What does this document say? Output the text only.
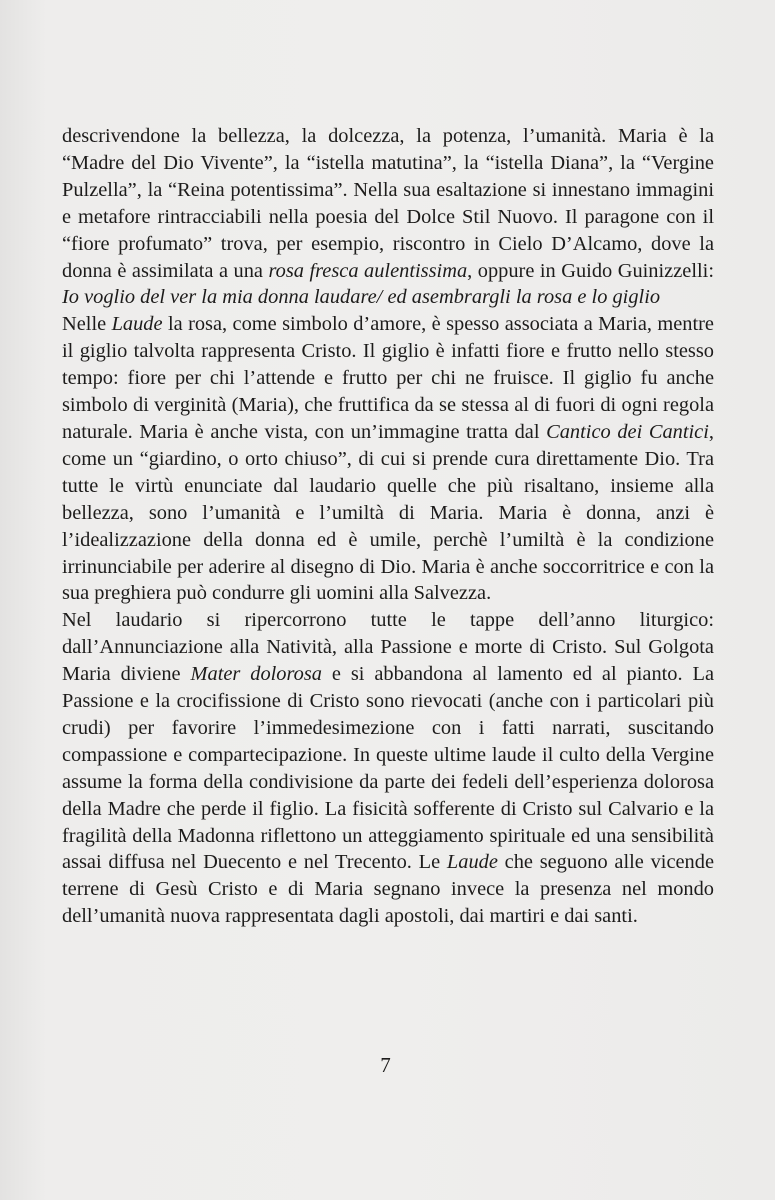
descrivendone la bellezza, la dolcezza, la potenza, l’umanità. Maria è la “Madre del Dio Vivente”, la “istella matutina”, la “istella Diana”, la “Vergine Pulzella”, la “Reina potentissima”. Nella sua esaltazione si innestano immagini e metafore rintracciabili nella poesia del Dolce Stil Nuovo. Il paragone con il “fiore profumato” trova, per esempio, riscontro in Cielo D’Alcamo, dove la donna è assimilata a una rosa fresca aulentissima, oppure in Guido Guinizzelli: Io voglio del ver la mia donna laudare/ ed asembrargli la rosa e lo giglio

Nelle Laude la rosa, come simbolo d’amore, è spesso associata a Maria, mentre il giglio talvolta rappresenta Cristo. Il giglio è infatti fiore e frutto nello stesso tempo: fiore per chi l’attende e frutto per chi ne fruisce. Il giglio fu anche simbolo di verginità (Maria), che fruttifica da se stessa al di fuori di ogni regola naturale. Maria è anche vista, con un’immagine tratta dal Cantico dei Cantici, come un “giardino, o orto chiuso”, di cui si prende cura direttamente Dio. Tra tutte le virtù enunciate dal laudario quelle che più risaltano, insieme alla bellezza, sono l’umanità e l’umiltà di Maria. Maria è donna, anzi è l’idealizzazione della donna ed è umile, perchè l’umiltà è la condizione irrinunciabile per aderire al disegno di Dio. Maria è anche soccorritrice e con la sua preghiera può condurre gli uomini alla Salvezza.

Nel laudario si ripercorrono tutte le tappe dell’anno liturgico: dall’Annunciazione alla Natività, alla Passione e morte di Cristo. Sul Golgota Maria diviene Mater dolorosa e si abbandona al lamento ed al pianto. La Passione e la crocifissione di Cristo sono rievocati (anche con i particolari più crudi) per favorire l’immedesimezione con i fatti narrati, suscitando compassione e compartecipazione. In queste ultime laude il culto della Vergine assume la forma della condivisione da parte dei fedeli dell’esperienza dolorosa della Madre che perde il figlio. La fisicità sofferente di Cristo sul Calvario e la fragilità della Madonna riflettono un atteggiamento spirituale ed una sensibilità assai diffusa nel Duecento e nel Trecento. Le Laude che seguono alle vicende terrene di Gesù Cristo e di Maria segnano invece la presenza nel mondo dell’umanità nuova rappresentata dagli apostoli, dai martiri e dai santi.

7
